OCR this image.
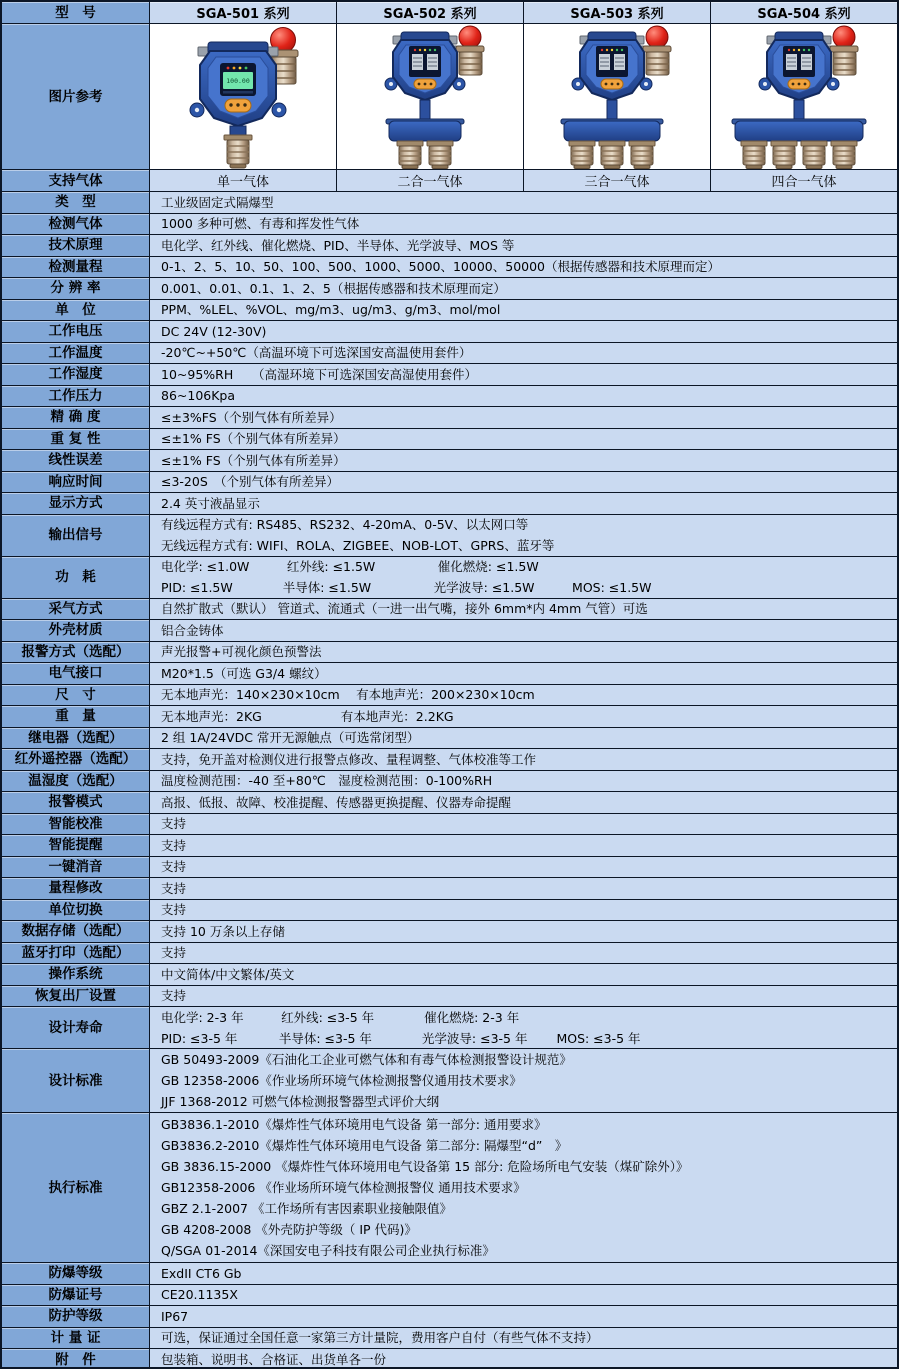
型　号	SGA-501 系列	SGA-502 系列	SGA-503 系列	SGA-504 系列
图片参考
100.00
支持气体	单一气体	二合一气体	三合一气体	四合一气体
类　型	工业级固定式隔爆型
检测气体	1000 多种可燃、有毒和挥发性气体
技术原理	电化学、红外线、催化燃烧、PID、半导体、光学波导、MOS 等
检测量程	0-1、2、5、10、50、100、500、1000、5000、10000、50000（根据传感器和技术原理而定）
分 辨 率	0.001、0.01、0.1、1、2、5（根据传感器和技术原理而定）
单　位	PPM、%LEL、%VOL、mg/m3、ug/m3、g/m3、mol/mol
工作电压	DC 24V (12-30V)
工作温度	-20℃~+50℃（高温环境下可选深国安高温使用套件）
工作湿度	10~95%RH　　（高湿环境下可选深国安高湿使用套件）
工作压力	86~106Kpa
精 确 度	≤±3%FS（个别气体有所差异）
重 复 性	≤±1% FS（个别气体有所差异）
线性误差	≤±1% FS（个别气体有所差异）
响应时间	≤3-20S　（个别气体有所差异）
显示方式	2.4 英寸液晶显示
输出信号
有线远程方式有: RS485、RS232、4-20mA、0-5V、以太网口等
无线远程方式有: WIFI、ROLA、ZIGBEE、NOB-LOT、GPRS、蓝牙等
功　耗
电化学: ≤1.0W　　　红外线: ≤1.5W　　　　　催化燃烧: ≤1.5W
PID: ≤1.5W　　　　半导体: ≤1.5W　　　　　光学波导: ≤1.5W　　　MOS: ≤1.5W
采气方式	自然扩散式（默认） 管道式、流通式（一进一出气嘴，接外 6mm*内 4mm 气管）可选
外壳材质	铝合金铸体
报警方式（选配）	声光报警+可视化颜色预警法
电气接口	M20*1.5（可选 G3/4 螺纹）
尺　寸	无本地声光：140×230×10cm　 有本地声光：200×230×10cm
重　量	无本地声光：2KG　　　　　　 有本地声光：2.2KG
继电器（选配）	2 组 1A/24VDC 常开无源触点（可选常闭型）
红外遥控器（选配）	支持，免开盖对检测仪进行报警点修改、量程调整、气体校准等工作
温湿度（选配）	温度检测范围：-40 至+80℃　湿度检测范围：0-100%RH
报警模式	高报、低报、故障、校准提醒、传感器更换提醒、仪器寿命提醒
智能校准	支持
智能提醒	支持
一键消音	支持
量程修改	支持
单位切换	支持
数据存储（选配）	支持 10 万条以上存储
蓝牙打印（选配）	支持
操作系统	中文简体/中文繁体/英文
恢复出厂设置	支持
设计寿命
电化学: 2-3 年　　　红外线: ≤3-5 年　　　　催化燃烧: 2-3 年
PID: ≤3-5 年　　　 半导体: ≤3-5 年　　　　光学波导: ≤3-5 年　　 MOS: ≤3-5 年
设计标准
GB 50493-2009《石油化工企业可燃气体和有毒气体检测报警设计规范》
GB 12358-2006《作业场所环境气体检测报警仪通用技术要求》
JJF 1368-2012 可燃气体检测报警器型式评价大纲
执行标准
GB3836.1-2010《爆炸性气体环境用电气设备 第一部分: 通用要求》
GB3836.2-2010《爆炸性气体环境用电气设备 第二部分: 隔爆型“d”　》
GB 3836.15-2000 《爆炸性气体环境用电气设备第 15 部分: 危险场所电气安装（煤矿除外）》
GB12358-2006 《作业场所环境气体检测报警仪 通用技术要求》
GBZ 2.1-2007 《工作场所有害因素职业接触限值》
GB 4208-2008 《外壳防护等级（ IP 代码)》
Q/SGA 01-2014《深国安电子科技有限公司企业执行标准》
防爆等级	ExdII CT6 Gb
防爆证号	CE20.1135X
防护等级	IP67
计 量 证	可选，保证通过全国任意一家第三方计量院，费用客户自付（有些气体不支持）
附　件	包装箱、说明书、合格证、出货单各一份
